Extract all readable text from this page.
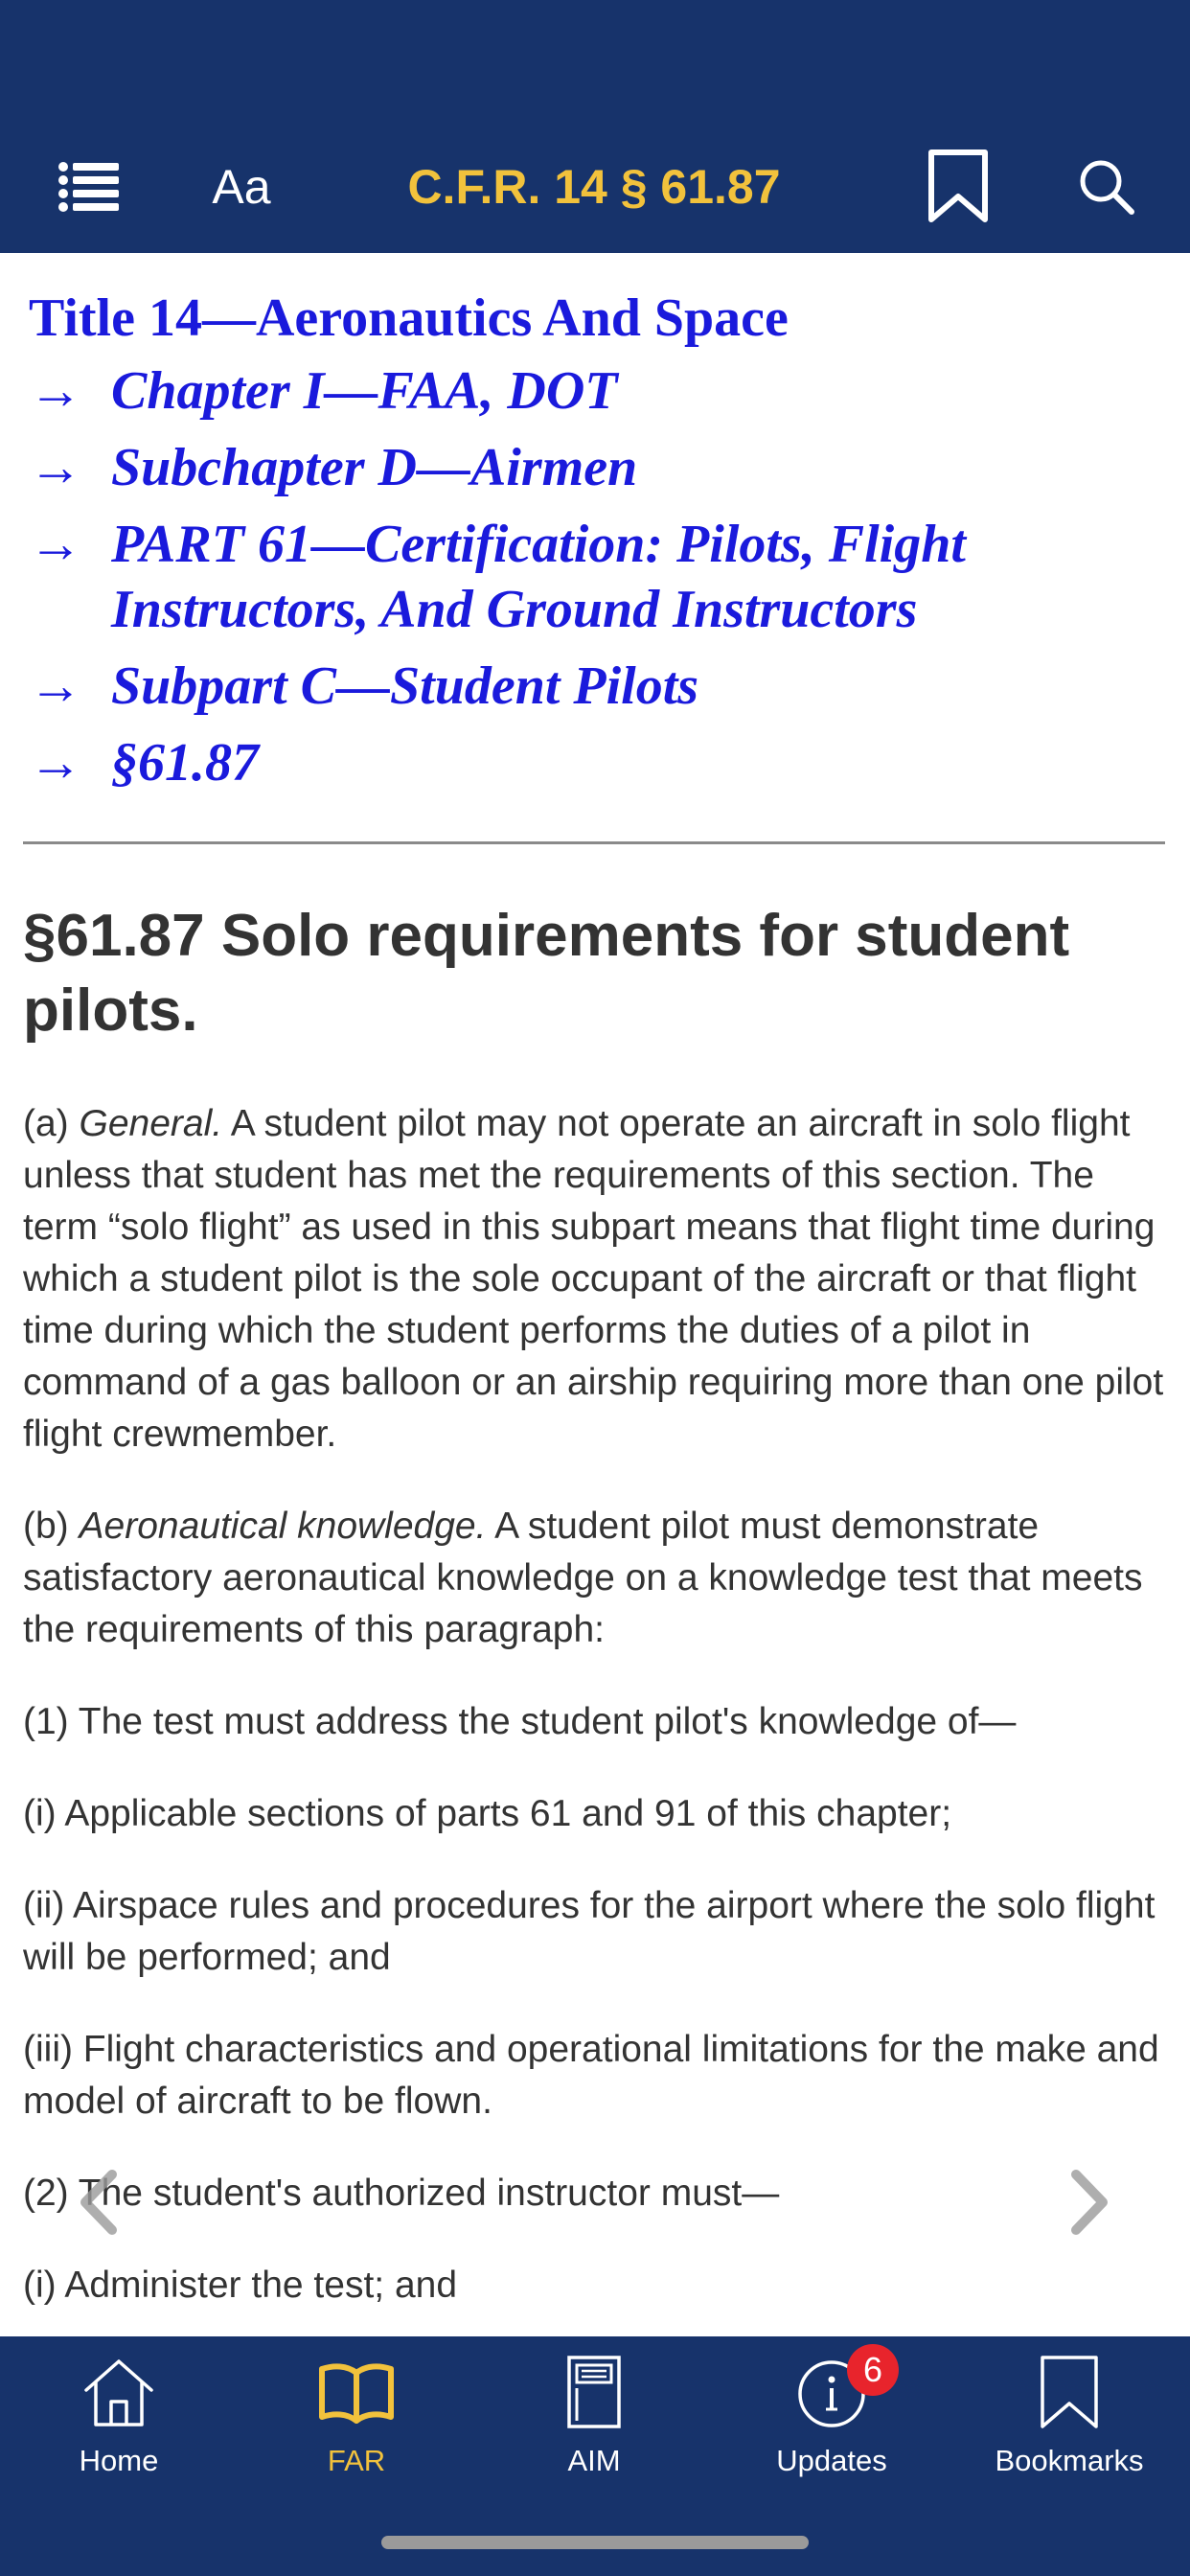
Aa	C.F.R. 14 § 61.87
Title 14—Aeronautics And Space
→ Chapter I—FAA, DOT
→ Subchapter D—Airmen
→ PART 61—Certification: Pilots, Flight Instructors, And Ground Instructors
→ Subpart C—Student Pilots
→ §61.87
§61.87 Solo requirements for student pilots.

(a) General. A student pilot may not operate an aircraft in solo flight unless that student has met the requirements of this section. The term “solo flight” as used in this subpart means that flight time during which a student pilot is the sole occupant of the aircraft or that flight time during which the student performs the duties of a pilot in command of a gas balloon or an airship requiring more than one pilot flight crewmember.

(b) Aeronautical knowledge. A student pilot must demonstrate satisfactory aeronautical knowledge on a knowledge test that meets the requirements of this paragraph:

(1) The test must address the student pilot's knowledge of—

(i) Applicable sections of parts 61 and 91 of this chapter;

(ii) Airspace rules and procedures for the airport where the solo flight will be performed; and

(iii) Flight characteristics and operational limitations for the make and model of aircraft to be flown.

(2) The student's authorized instructor must—

(i) Administer the test; and

Home	FAR	AIM
6
Updates	Bookmarks
